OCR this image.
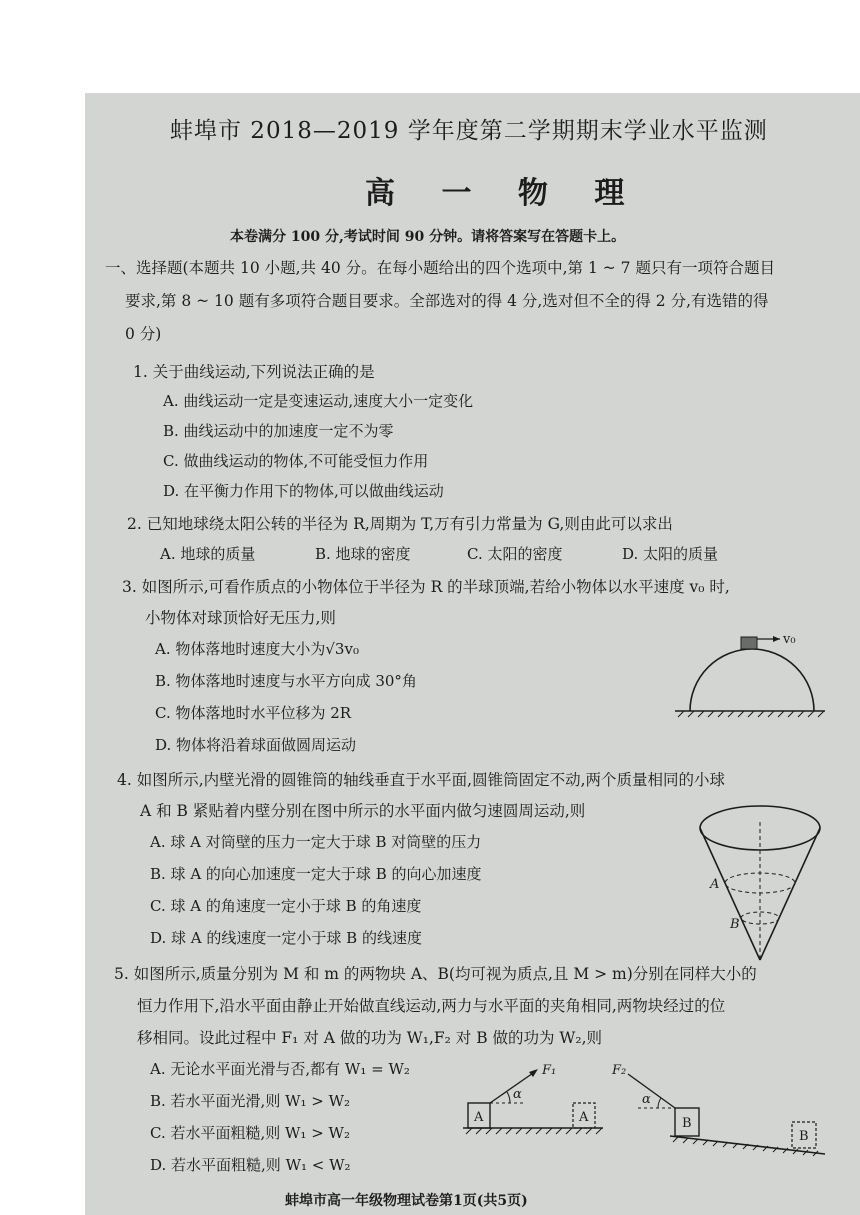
蚌埠市 2018—2019 学年度第二学期期末学业水平监测
高 一 物 理
本卷满分 100 分,考试时间 90 分钟。请将答案写在答题卡上。
一、选择题(本题共 10 小题,共 40 分。在每小题给出的四个选项中,第 1 ~ 7 题只有一项符合题目
要求,第 8 ~ 10 题有多项符合题目要求。全部选对的得 4 分,选对但不全的得 2 分,有选错的得
0 分)
1. 关于曲线运动,下列说法正确的是
A. 曲线运动一定是变速运动,速度大小一定变化
B. 曲线运动中的加速度一定不为零
C. 做曲线运动的物体,不可能受恒力作用
D. 在平衡力作用下的物体,可以做曲线运动
2. 已知地球绕太阳公转的半径为 R,周期为 T,万有引力常量为 G,则由此可以求出
A. 地球的质量	B. 地球的密度	C. 太阳的密度	D. 太阳的质量
3. 如图所示,可看作质点的小物体位于半径为 R 的半球顶端,若给小物体以水平速度 v₀ 时,
小物体对球顶恰好无压力,则
A. 物体落地时速度大小为√3v₀
B. 物体落地时速度与水平方向成 30°角
C. 物体落地时水平位移为 2R
D. 物体将沿着球面做圆周运动
v₀
4. 如图所示,内壁光滑的圆锥筒的轴线垂直于水平面,圆锥筒固定不动,两个质量相同的小球
A 和 B 紧贴着内壁分别在图中所示的水平面内做匀速圆周运动,则
A. 球 A 对筒壁的压力一定大于球 B 对筒壁的压力
B. 球 A 的向心加速度一定大于球 B 的向心加速度
C. 球 A 的角速度一定小于球 B 的角速度
D. 球 A 的线速度一定小于球 B 的线速度
A
B
5. 如图所示,质量分别为 M 和 m 的两物块 A、B(均可视为质点,且 M > m)分别在同样大小的
恒力作用下,沿水平面由静止开始做直线运动,两力与水平面的夹角相同,两物块经过的位
移相同。设此过程中 F₁ 对 A 做的功为 W₁,F₂ 对 B 做的功为 W₂,则
A. 无论水平面光滑与否,都有 W₁ = W₂
B. 若水平面光滑,则 W₁ > W₂
C. 若水平面粗糙,则 W₁ > W₂
D. 若水平面粗糙,则 W₁ < W₂
A
F₁
α
A	B
F₂
α
B
蚌埠市高一年级物理试卷第1页(共5页)
